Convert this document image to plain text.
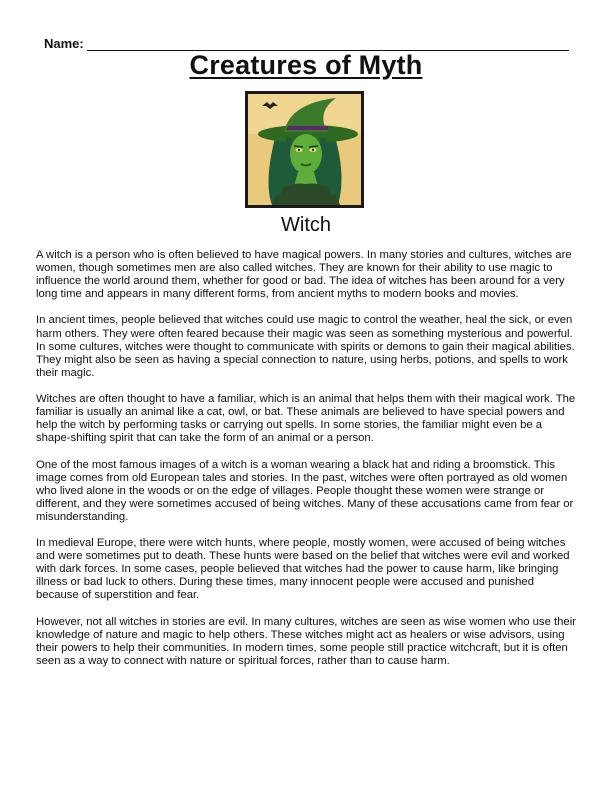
Name:
Creatures of Myth
Witch

A witch is a person who is often believed to have magical powers. In many stories and cultures, witches are women, though sometimes men are also called witches. They are known for their ability to use magic to influence the world around them, whether for good or bad. The idea of witches has been around for a very long time and appears in many different forms, from ancient myths to modern books and movies.

In ancient times, people believed that witches could use magic to control the weather, heal the sick, or even harm others. They were often feared because their magic was seen as something mysterious and powerful. In some cultures, witches were thought to communicate with spirits or demons to gain their magical abilities. They might also be seen as having a special connection to nature, using herbs, potions, and spells to work their magic.

Witches are often thought to have a familiar, which is an animal that helps them with their magical work. The familiar is usually an animal like a cat, owl, or bat. These animals are believed to have special powers and help the witch by performing tasks or carrying out spells. In some stories, the familiar might even be a shape-shifting spirit that can take the form of an animal or a person.

One of the most famous images of a witch is a woman wearing a black hat and riding a broomstick. This image comes from old European tales and stories. In the past, witches were often portrayed as old women who lived alone in the woods or on the edge of villages. People thought these women were strange or different, and they were sometimes accused of being witches. Many of these accusations came from fear or misunderstanding.

In medieval Europe, there were witch hunts, where people, mostly women, were accused of being witches and were sometimes put to death. These hunts were based on the belief that witches were evil and worked with dark forces. In some cases, people believed that witches had the power to cause harm, like bringing illness or bad luck to others. During these times, many innocent people were accused and punished because of superstition and fear.

However, not all witches in stories are evil. In many cultures, witches are seen as wise women who use their knowledge of nature and magic to help others. These witches might act as healers or wise advisors, using their powers to help their communities. In modern times, some people still practice witchcraft, but it is often seen as a way to connect with nature or spiritual forces, rather than to cause harm.
